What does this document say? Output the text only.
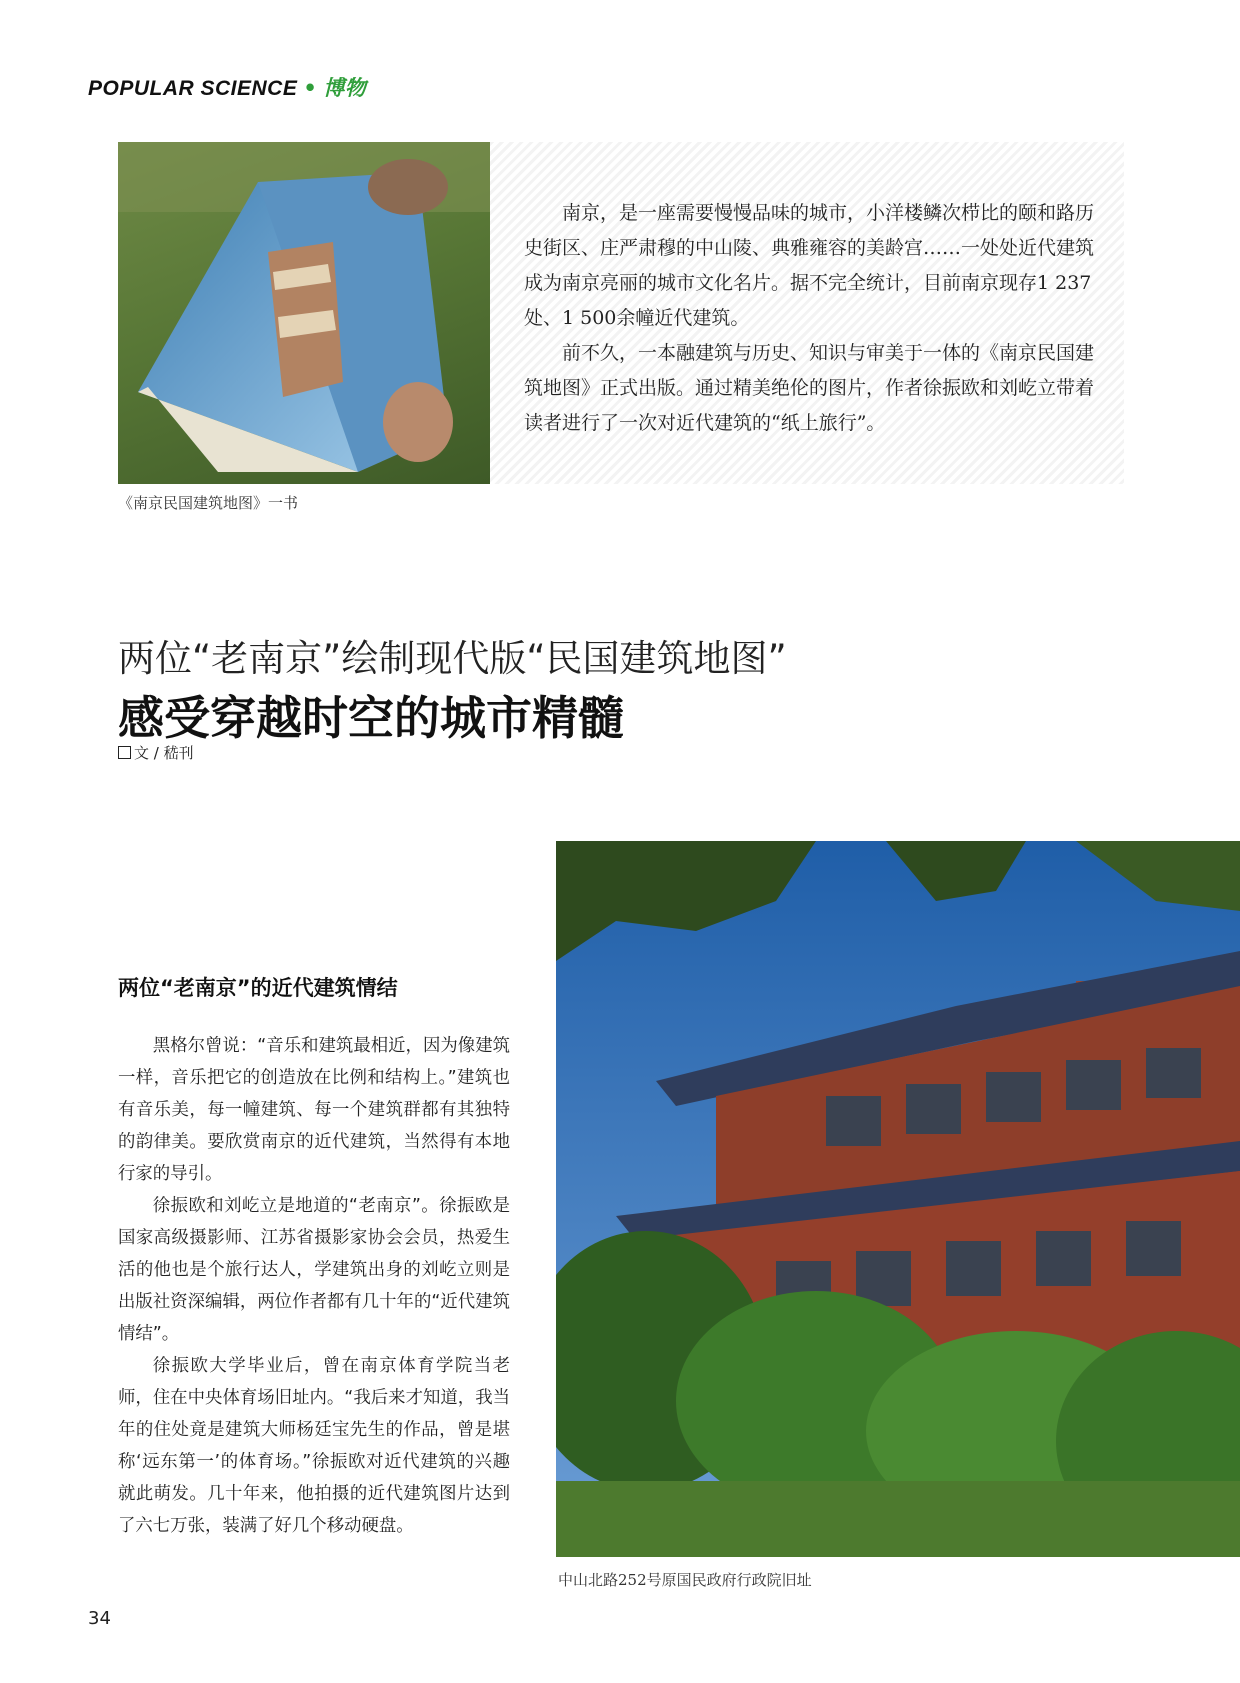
POPULAR SCIENCE • 博物

南京，是一座需要慢慢品味的城市，小洋楼鳞次栉比的颐和路历史街区、庄严肃穆的中山陵、典雅雍容的美龄宫……一处处近代建筑成为南京亮丽的城市文化名片。据不完全统计，目前南京现存1 237处、1 500余幢近代建筑。

前不久，一本融建筑与历史、知识与审美于一体的《南京民国建筑地图》正式出版。通过精美绝伦的图片，作者徐振欧和刘屹立带着读者进行了一次对近代建筑的“纸上旅行”。

《南京民国建筑地图》一书
两位“老南京”绘制现代版“民国建筑地图”
感受穿越时空的城市精髓
文 / 嵇刊
两位“老南京”的近代建筑情结

黑格尔曾说：“音乐和建筑最相近，因为像建筑一样，音乐把它的创造放在比例和结构上。”建筑也有音乐美，每一幢建筑、每一个建筑群都有其独特的韵律美。要欣赏南京的近代建筑，当然得有本地行家的导引。

徐振欧和刘屹立是地道的“老南京”。徐振欧是国家高级摄影师、江苏省摄影家协会会员，热爱生活的他也是个旅行达人，学建筑出身的刘屹立则是出版社资深编辑，两位作者都有几十年的“近代建筑情结”。

徐振欧大学毕业后，曾在南京体育学院当老师，住在中央体育场旧址内。“我后来才知道，我当年的住处竟是建筑大师杨廷宝先生的作品，曾是堪称‘远东第一’的体育场。”徐振欧对近代建筑的兴趣就此萌发。几十年来，他拍摄的近代建筑图片达到了六七万张，装满了好几个移动硬盘。

中山北路252号原国民政府行政院旧址
34
